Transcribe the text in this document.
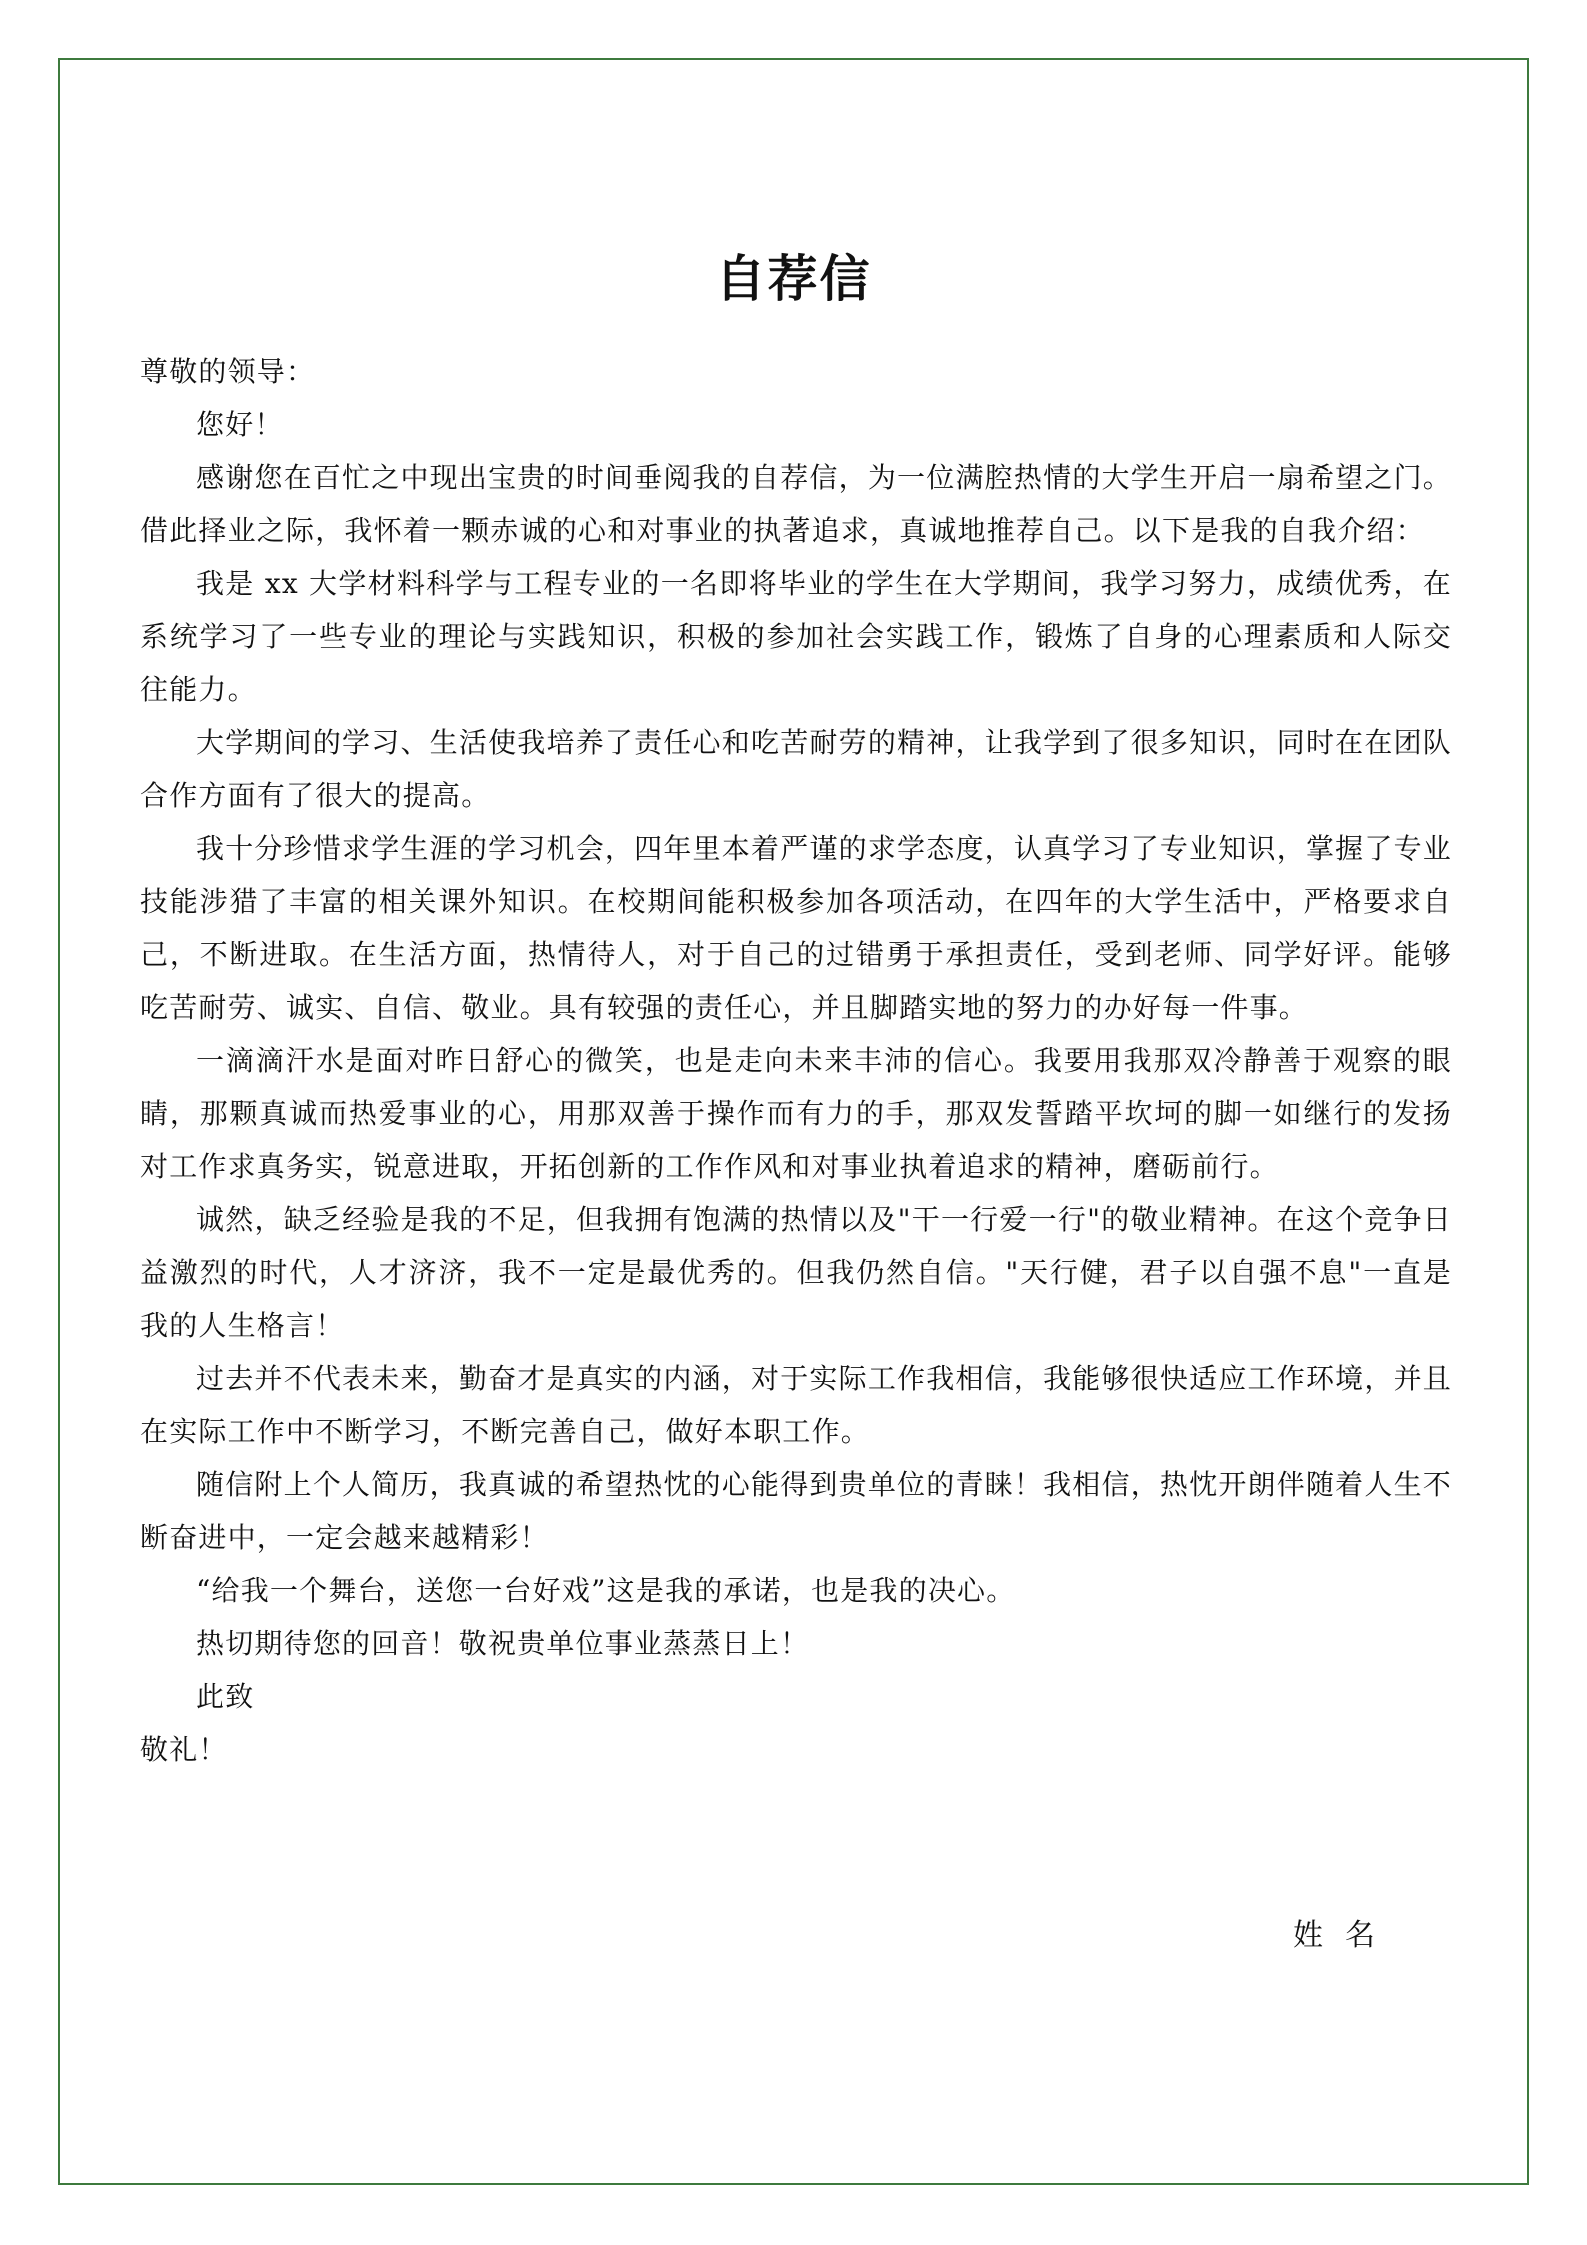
自荐信

尊敬的领导：

您好！

感谢您在百忙之中现出宝贵的时间垂阅我的自荐信，为一位满腔热情的大学生开启一扇希望之门。借此择业之际，我怀着一颗赤诚的心和对事业的执著追求，真诚地推荐自己。以下是我的自我介绍：

我是 xx 大学材料科学与工程专业的一名即将毕业的学生在大学期间，我学习努力，成绩优秀，在系统学习了一些专业的理论与实践知识，积极的参加社会实践工作，锻炼了自身的心理素质和人际交往能力。

大学期间的学习、生活使我培养了责任心和吃苦耐劳的精神，让我学到了很多知识，同时在在团队合作方面有了很大的提高。

我十分珍惜求学生涯的学习机会，四年里本着严谨的求学态度，认真学习了专业知识，掌握了专业技能涉猎了丰富的相关课外知识。在校期间能积极参加各项活动，在四年的大学生活中，严格要求自己，不断进取。在生活方面，热情待人，对于自己的过错勇于承担责任，受到老师、同学好评。能够吃苦耐劳、诚实、自信、敬业。具有较强的责任心，并且脚踏实地的努力的办好每一件事。

一滴滴汗水是面对昨日舒心的微笑，也是走向未来丰沛的信心。我要用我那双冷静善于观察的眼睛，那颗真诚而热爱事业的心，用那双善于操作而有力的手，那双发誓踏平坎坷的脚一如继行的发扬对工作求真务实，锐意进取，开拓创新的工作作风和对事业执着追求的精神，磨砺前行。

诚然，缺乏经验是我的不足，但我拥有饱满的热情以及"干一行爱一行"的敬业精神。在这个竞争日益激烈的时代，人才济济，我不一定是最优秀的。但我仍然自信。"天行健，君子以自强不息"一直是我的人生格言！

过去并不代表未来，勤奋才是真实的内涵，对于实际工作我相信，我能够很快适应工作环境，并且在实际工作中不断学习，不断完善自己，做好本职工作。

随信附上个人简历，我真诚的希望热忱的心能得到贵单位的青睐！我相信，热忱开朗伴随着人生不断奋进中，一定会越来越精彩！

“给我一个舞台，送您一台好戏”这是我的承诺，也是我的决心。

热切期待您的回音！敬祝贵单位事业蒸蒸日上！

此致

敬礼！

姓名
